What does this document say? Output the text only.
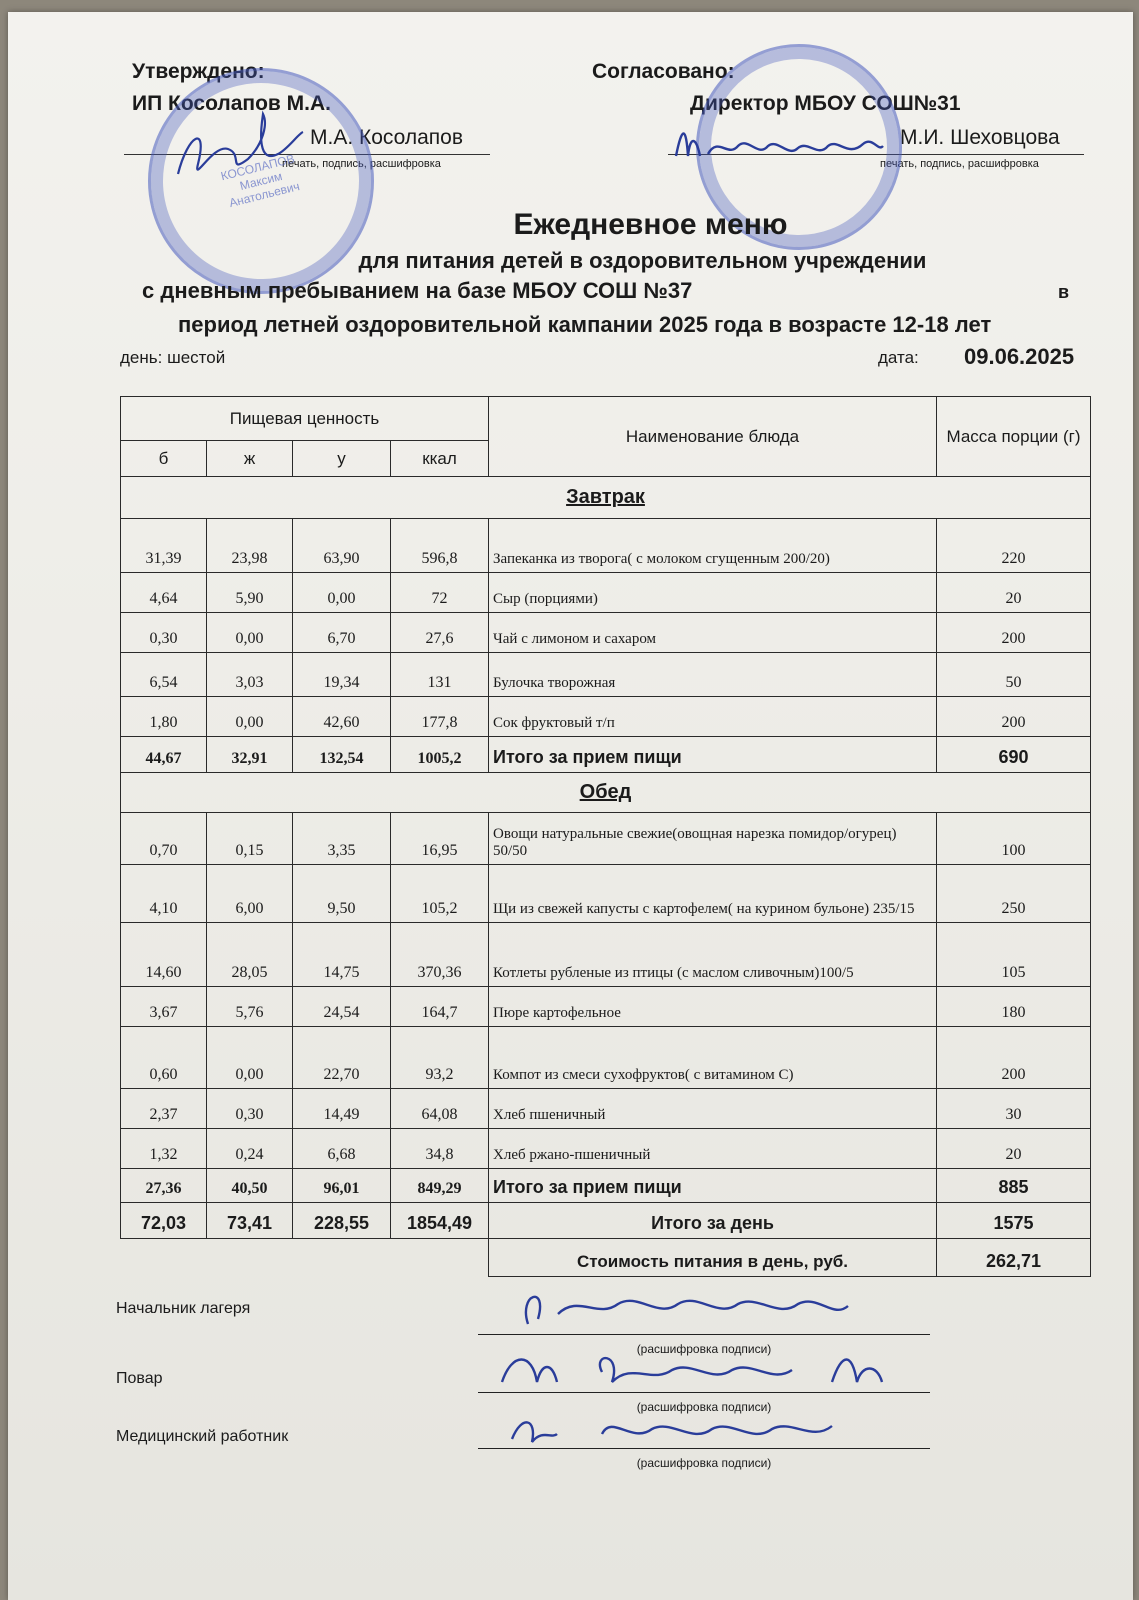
Утверждено:
ИП Косолапов М.А.
М.А. Косолапов
печать, подпись, расшифровка
КОСОЛАПОВ Максим Анатольевич
Согласовано:
Директор МБОУ СОШ№31
М.И. Шеховцова
печать, подпись, расшифровка
Ежедневное меню
для питания детей в оздоровительном учреждении
с дневным пребыванием на базе МБОУ СОШ №37	в
период летней оздоровительной кампании 2025 года в возрасте 12-18 лет
день: шестой	дата: 09.06.2025
Пищевая ценность				Наименование блюда	Масса порции (г)
б	ж	у	ккал		
Завтрак					
31,39	23,98	63,90	596,8	Запеканка из творога( с молоком сгущенным 200/20)	220
4,64	5,90	0,00	72	Сыр (порциями)	20
0,30	0,00	6,70	27,6	Чай с лимоном и сахаром	200
6,54	3,03	19,34	131	Булочка творожная	50
1,80	0,00	42,60	177,8	Сок фруктовый т/п	200
44,67	32,91	132,54	1005,2	Итого за прием пищи	690
Обед					
0,70	0,15	3,35	16,95	Овощи натуральные свежие(овощная нарезка помидор/огурец) 50/50	100
4,10	6,00	9,50	105,2	Щи из свежей капусты с картофелем( на курином бульоне) 235/15	250
14,60	28,05	14,75	370,36	Котлеты рубленые из птицы (с маслом сливочным)100/5	105
3,67	5,76	24,54	164,7	Пюре картофельное	180
0,60	0,00	22,70	93,2	Компот из смеси сухофруктов( с витамином С)	200
2,37	0,30	14,49	64,08	Хлеб пшеничный	30
1,32	0,24	6,68	34,8	Хлеб ржано-пшеничный	20
27,36	40,50	96,01	849,29	Итого за прием пищи	885
72,03	73,41	228,55	1854,49	Итого за день	1575
				Стоимость питания в день, руб.	262,71
Начальник лагеря
(расшифровка подписи)
Повар
(расшифровка подписи)
Медицинский работник
(расшифровка подписи)
